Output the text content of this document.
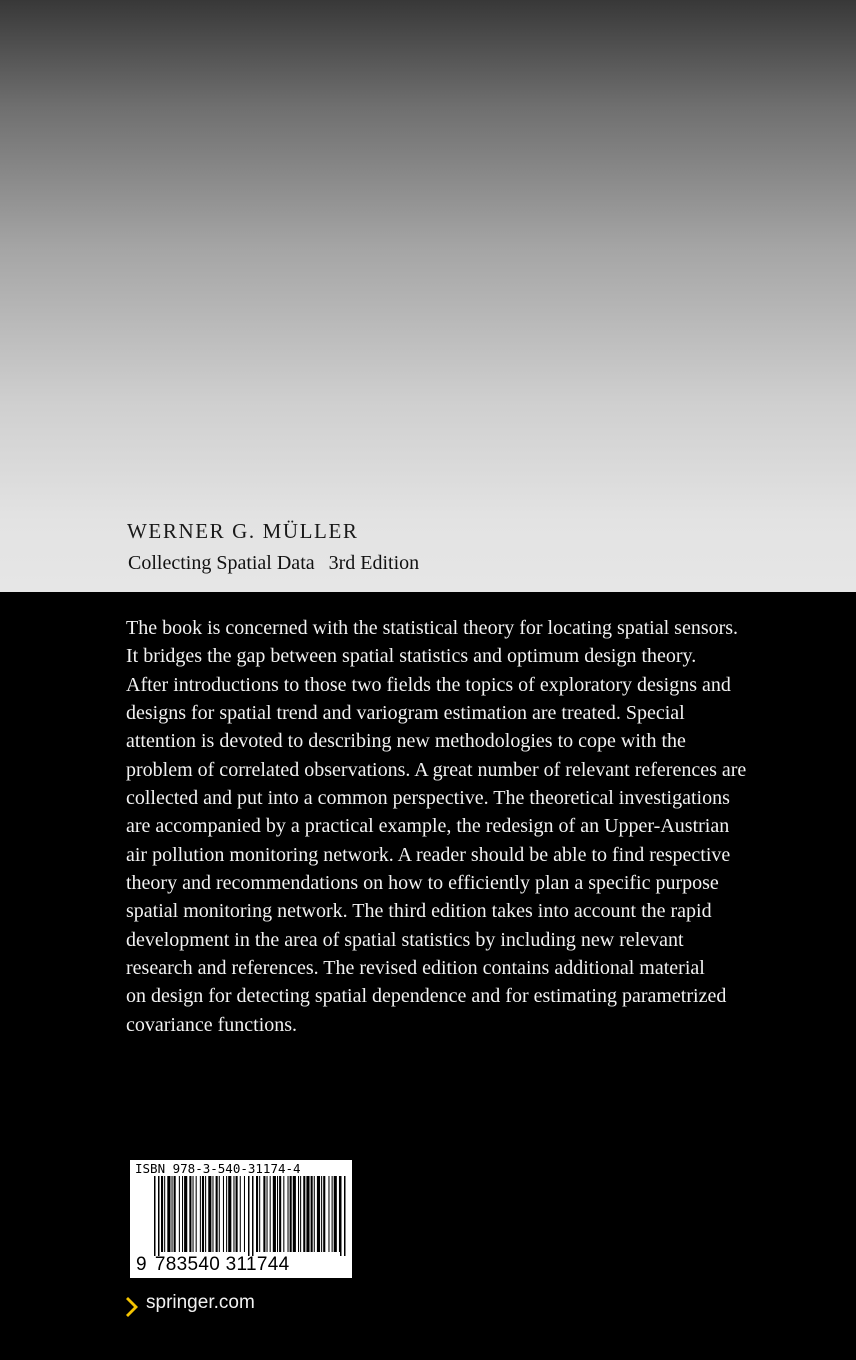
WERNER G. MÜLLER
Collecting Spatial Data 3rd Edition
The book is concerned with the statistical theory for locating spatial sensors.
It bridges the gap between spatial statistics and optimum design theory.
After introductions to those two fields the topics of exploratory designs and
designs for spatial trend and variogram estimation are treated. Special
attention is devoted to describing new methodologies to cope with the
problem of correlated observations. A great number of relevant references are
collected and put into a common perspective. The theoretical investigations
are accompanied by a practical example, the redesign of an Upper-Austrian
air pollution monitoring network. A reader should be able to find respective
theory and recommendations on how to efficiently plan a specific purpose
spatial monitoring network. The third edition takes into account the rapid
development in the area of spatial statistics by including new relevant
research and references. The revised edition contains additional material
on design for detecting spatial dependence and for estimating parametrized
covariance functions.
ISBN 978-3-540-31174-4
9 783540 311744
springer.com
